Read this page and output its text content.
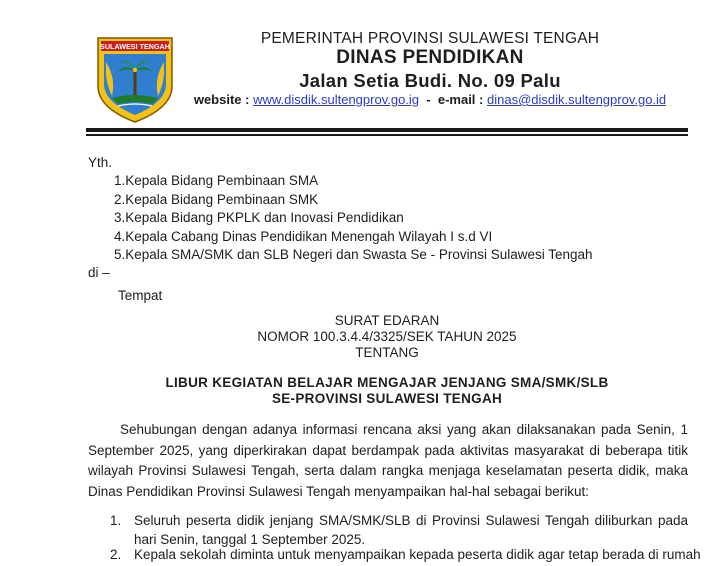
SULAWESI TENGAH	PEMERINTAH PROVINSI SULAWESI TENGAH
DINAS PENDIDIKAN
Jalan Setia Budi. No. 09 Palu
website : www.disdik.sultengprov.go.ig - e-mail : dinas@disdik.sultengprov.go.id
Yth.
1.Kepala Bidang Pembinaan SMA
2.Kepala Bidang Pembinaan SMK
3.Kepala Bidang PKPLK dan Inovasi Pendidikan
4.Kepala Cabang Dinas Pendidikan Menengah Wilayah I s.d VI
5.Kepala SMA/SMK dan SLB Negeri dan Swasta Se - Provinsi Sulawesi Tengah
di –
Tempat
SURAT EDARAN
NOMOR 100.3.4.4/3325/SEK TAHUN 2025
TENTANG
LIBUR KEGIATAN BELAJAR MENGAJAR JENJANG SMA/SMK/SLB
SE-PROVINSI SULAWESI TENGAH
Sehubungan dengan adanya informasi rencana aksi yang akan dilaksanakan pada Senin, 1
September 2025, yang diperkirakan dapat berdampak pada aktivitas masyarakat di beberapa titik
wilayah Provinsi Sulawesi Tengah, serta dalam rangka menjaga keselamatan peserta didik, maka
Dinas Pendidikan Provinsi Sulawesi Tengah menyampaikan hal-hal sebagai berikut:
1. Seluruh peserta didik jenjang SMA/SMK/SLB di Provinsi Sulawesi Tengah diliburkan pada
hari Senin, tanggal 1 September 2025.
2. Kepala sekolah diminta untuk menyampaikan kepada peserta didik agar tetap berada di rumah
